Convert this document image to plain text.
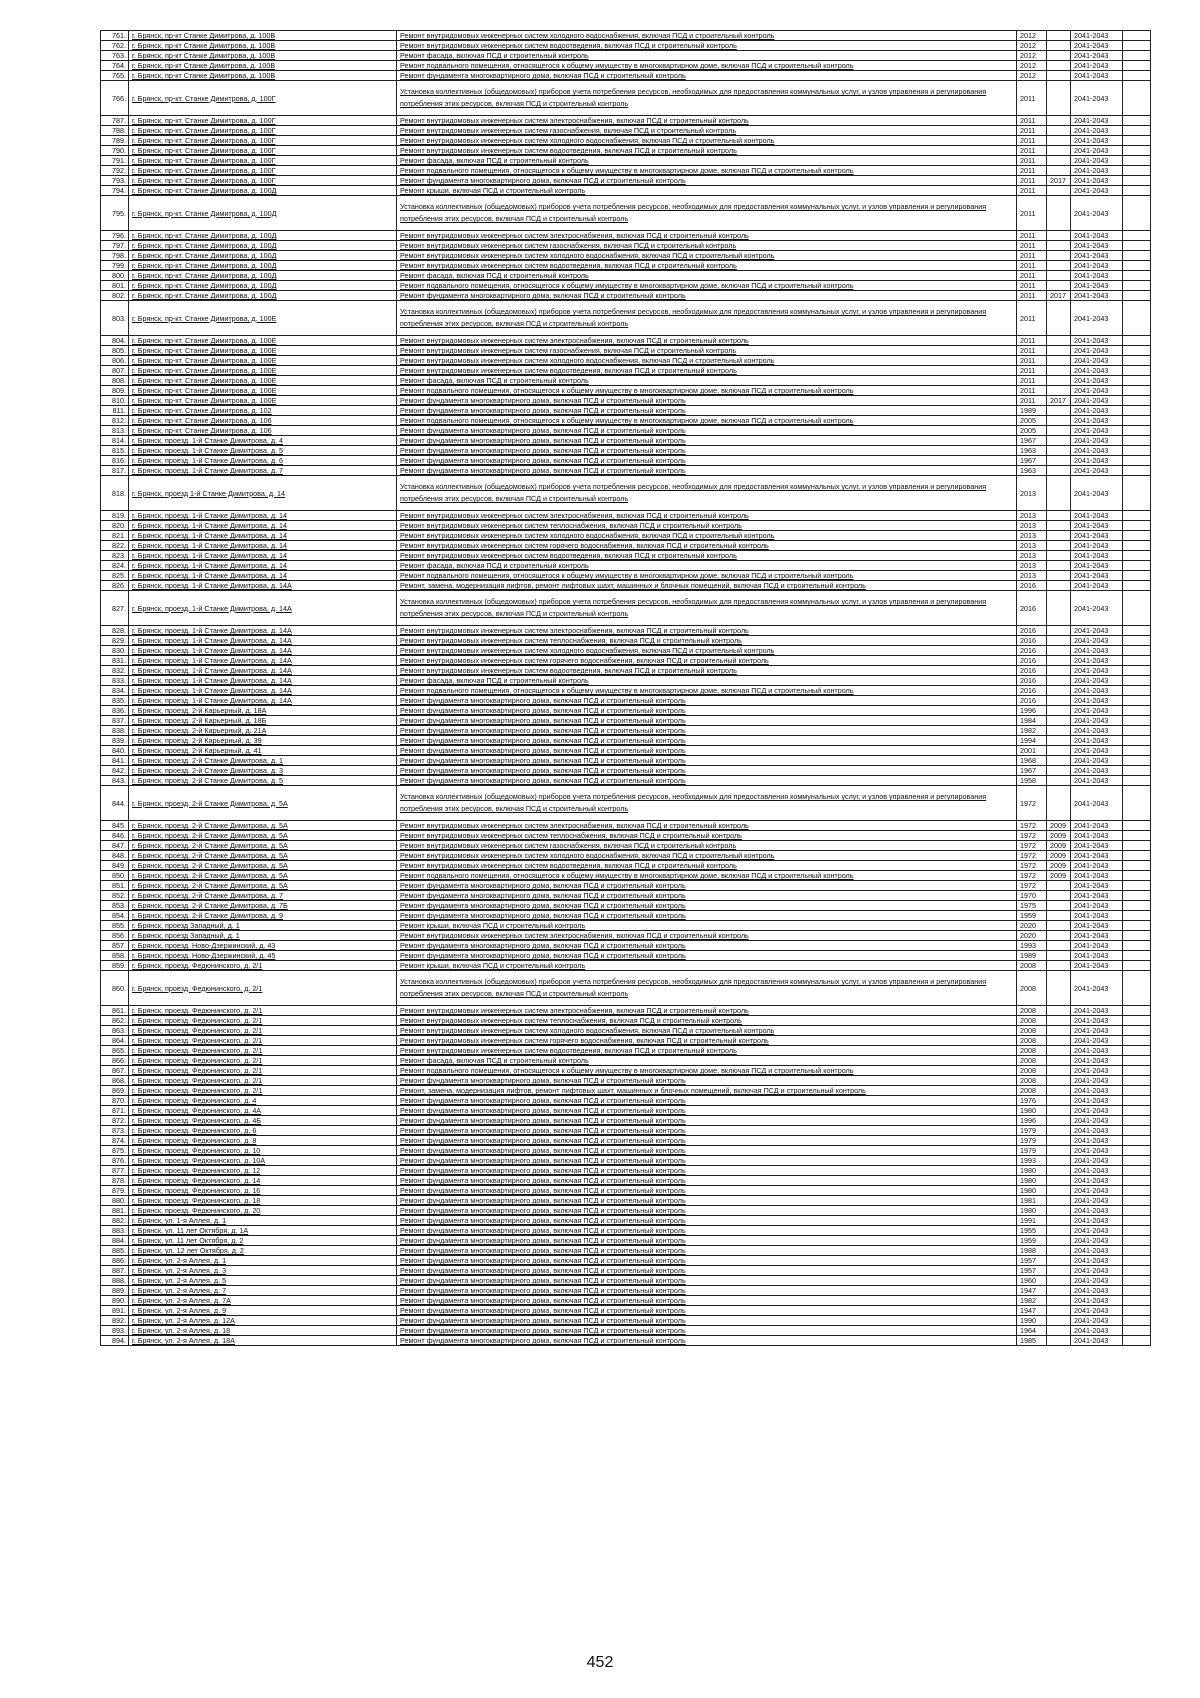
761.	г. Брянск, пр-кт Станке Димитрова, д. 100В	Ремонт внутридомовых инженерных систем холодного водоснабжения, включая ПСД и строительный контроль	2012		2041-2043	
762.	г. Брянск, пр-кт Станке Димитрова, д. 100В	Ремонт внутридомовых инженерных систем водоотведения, включая ПСД и строительный контроль	2012		2041-2043	
763.	г. Брянск, пр-кт Станке Димитрова, д. 100В	Ремонт фасада, включая ПСД и строительный контроль	2012		2041-2043	
764.	г. Брянск, пр-кт Станке Димитрова, д. 100В	Ремонт подвального помещения, относящегося к общему имуществу в многоквартирном доме, включая ПСД и строительный контроль	2012		2041-2043	
765.	г. Брянск, пр-кт Станке Димитрова, д. 100В	Ремонт фундамента многоквартирного дома, включая ПСД и строительный контроль	2012		2041-2043	
766.	г. Брянск, пр-кт. Станке Димитрова, д. 100Г	Установка коллективных (общедомовых) приборов учета потребления ресурсов, необходимых для предоставления коммунальных услуг, и узлов управления и регулирования потребления этих ресурсов, включая ПСД и строительный контроль	2011		2041-2043	
787.	г. Брянск, пр-кт. Станке Димитрова, д. 100Г	Ремонт внутридомовых инженерных систем электроснабжения, включая ПСД и строительный контроль	2011		2041-2043	
788.	г. Брянск, пр-кт. Станке Димитрова, д. 100Г	Ремонт внутридомовых инженерных систем газоснабжения, включая ПСД и строительный контроль	2011		2041-2043	
789.	г. Брянск, пр-кт. Станке Димитрова, д. 100Г	Ремонт внутридомовых инженерных систем холодного водоснабжения, включая ПСД и строительный контроль	2011		2041-2043	
790.	г. Брянск, пр-кт. Станке Димитрова, д. 100Г	Ремонт внутридомовых инженерных систем водоотведения, включая ПСД и строительный контроль	2011		2041-2043	
791.	г. Брянск, пр-кт. Станке Димитрова, д. 100Г	Ремонт фасада, включая ПСД и строительный контроль	2011		2041-2043	
792.	г. Брянск, пр-кт. Станке Димитрова, д. 100Г	Ремонт подвального помещения, относящегося к общему имуществу в многоквартирном доме, включая ПСД и строительный контроль	2011		2041-2043	
793.	г. Брянск, пр-кт. Станке Димитрова, д. 100Г	Ремонт фундамента многоквартирного дома, включая ПСД и строительный контроль	2011	2017	2041-2043	
794.	г. Брянск, пр-кт. Станке Димитрова, д. 100Д	Ремонт крыши, включая ПСД и строительный контроль	2011		2041-2043	
795.	г. Брянск, пр-кт. Станке Димитрова, д. 100Д	Установка коллективных (общедомовых) приборов учета потребления ресурсов, необходимых для предоставления коммунальных услуг, и узлов управления и регулирования потребления этих ресурсов, включая ПСД и строительный контроль	2011		2041-2043	
796.	г. Брянск, пр-кт. Станке Димитрова, д. 100Д	Ремонт внутридомовых инженерных систем электроснабжения, включая ПСД и строительный контроль	2011		2041-2043	
797.	г. Брянск, пр-кт. Станке Димитрова, д. 100Д	Ремонт внутридомовых инженерных систем газоснабжения, включая ПСД и строительный контроль	2011		2041-2043	
798.	г. Брянск, пр-кт. Станке Димитрова, д. 100Д	Ремонт внутридомовых инженерных систем холодного водоснабжения, включая ПСД и строительный контроль	2011		2041-2043	
799.	г. Брянск, пр-кт. Станке Димитрова, д. 100Д	Ремонт внутридомовых инженерных систем водоотведения, включая ПСД и строительный контроль	2011		2041-2043	
800.	г. Брянск, пр-кт. Станке Димитрова, д. 100Д	Ремонт фасада, включая ПСД и строительный контроль	2011		2041-2043	
801.	г. Брянск, пр-кт. Станке Димитрова, д. 100Д	Ремонт подвального помещения, относящегося к общему имуществу в многоквартирном доме, включая ПСД и строительный контроль	2011		2041-2043	
802.	г. Брянск, пр-кт. Станке Димитрова, д. 100Д	Ремонт фундамента многоквартирного дома, включая ПСД и строительный контроль	2011	2017	2041-2043	
803.	г. Брянск, пр-кт. Станке Димитрова, д. 100Е	Установка коллективных (общедомовых) приборов учета потребления ресурсов, необходимых для предоставления коммунальных услуг, и узлов управления и регулирования потребления этих ресурсов, включая ПСД и строительный контроль	2011		2041-2043	
804.	г. Брянск, пр-кт. Станке Димитрова, д. 100Е	Ремонт внутридомовых инженерных систем электроснабжения, включая ПСД и строительный контроль	2011		2041-2043	
805.	г. Брянск, пр-кт. Станке Димитрова, д. 100Е	Ремонт внутридомовых инженерных систем газоснабжения, включая ПСД и строительный контроль	2011		2041-2043	
806.	г. Брянск, пр-кт. Станке Димитрова, д. 100Е	Ремонт внутридомовых инженерных систем холодного водоснабжения, включая ПСД и строительный контроль	2011		2041-2043	
807.	г. Брянск, пр-кт. Станке Димитрова, д. 100Е	Ремонт внутридомовых инженерных систем водоотведения, включая ПСД и строительный контроль	2011		2041-2043	
808.	г. Брянск, пр-кт. Станке Димитрова, д. 100Е	Ремонт фасада, включая ПСД и строительный контроль	2011		2041-2043	
809.	г. Брянск, пр-кт. Станке Димитрова, д. 100Е	Ремонт подвального помещения, относящегося к общему имуществу в многоквартирном доме, включая ПСД и строительный контроль	2011		2041-2043	
810.	г. Брянск, пр-кт. Станке Димитрова, д. 100Е	Ремонт фундамента многоквартирного дома, включая ПСД и строительный контроль	2011	2017	2041-2043	
811.	г. Брянск, пр-кт. Станке Димитрова, д. 102	Ремонт фундамента многоквартирного дома, включая ПСД и строительный контроль	1989		2041-2043	
812.	г. Брянск, пр-кт. Станке Димитрова, д. 106	Ремонт подвального помещения, относящегося к общему имуществу в многоквартирном доме, включая ПСД и строительный контроль	2005		2041-2043	
813.	г. Брянск, пр-кт. Станке Димитрова, д. 106	Ремонт фундамента многоквартирного дома, включая ПСД и строительный контроль	2005		2041-2043	
814.	г. Брянск, проезд. 1-й Станке Димитрова, д. 4	Ремонт фундамента многоквартирного дома, включая ПСД и строительный контроль	1967		2041-2043	
815.	г. Брянск, проезд. 1-й Станке Димитрова, д. 5	Ремонт фундамента многоквартирного дома, включая ПСД и строительный контроль	1963		2041-2043	
816.	г. Брянск, проезд. 1-й Станке Димитрова, д. 6	Ремонт фундамента многоквартирного дома, включая ПСД и строительный контроль	1967		2041-2043	
817.	г. Брянск, проезд. 1-й Станке Димитрова, д. 7	Ремонт фундамента многоквартирного дома, включая ПСД и строительный контроль	1963		2041-2043	
818.	г. Брянск, проезд 1-й Станке Димитрова, д. 14	Установка коллективных (общедомовых) приборов учета потребления ресурсов, необходимых для предоставления коммунальных услуг, и узлов управления и регулирования потребления этих ресурсов, включая ПСД и строительный контроль	2013		2041-2043	
819.	г. Брянск, проезд. 1-й Станке Димитрова, д. 14	Ремонт внутридомовых инженерных систем электроснабжения, включая ПСД и строительный контроль	2013		2041-2043	
820.	г. Брянск, проезд. 1-й Станке Димитрова, д. 14	Ремонт внутридомовых инженерных систем теплоснабжения, включая ПСД и строительный контроль	2013		2041-2043	
821.	г. Брянск, проезд. 1-й Станке Димитрова, д. 14	Ремонт внутридомовых инженерных систем холодного водоснабжения, включая ПСД и строительный контроль	2013		2041-2043	
822.	г. Брянск, проезд. 1-й Станке Димитрова, д. 14	Ремонт внутридомовых инженерных систем горячего водоснабжения, включая ПСД и строительный контроль	2013		2041-2043	
823.	г. Брянск, проезд. 1-й Станке Димитрова, д. 14	Ремонт внутридомовых инженерных систем водоотведения, включая ПСД и строительный контроль	2013		2041-2043	
824.	г. Брянск, проезд. 1-й Станке Димитрова, д. 14	Ремонт фасада, включая ПСД и строительный контроль	2013		2041-2043	
825.	г. Брянск, проезд. 1-й Станке Димитрова, д. 14	Ремонт подвального помещения, относящегося к общему имуществу в многоквартирном доме, включая ПСД и строительный контроль	2013		2041-2043	
826.	г. Брянск, проезд. 1-й Станке Димитрова, д. 14А	Ремонт, замена, модернизация лифтов, ремонт лифтовых шахт, машинных и блочных помещений, включая ПСД и строительный контроль	2016		2041-2043	
827.	г. Брянск, проезд. 1-й Станке Димитрова, д. 14А	Установка коллективных (общедомовых) приборов учета потребления ресурсов, необходимых для предоставления коммунальных услуг, и узлов управления и регулирования потребления этих ресурсов, включая ПСД и строительный контроль	2016		2041-2043	
828.	г. Брянск, проезд. 1-й Станке Димитрова, д. 14А	Ремонт внутридомовых инженерных систем электроснабжения, включая ПСД и строительный контроль	2016		2041-2043	
829.	г. Брянск, проезд. 1-й Станке Димитрова, д. 14А	Ремонт внутридомовых инженерных систем теплоснабжения, включая ПСД и строительный контроль	2016		2041-2043	
830.	г. Брянск, проезд. 1-й Станке Димитрова, д. 14А	Ремонт внутридомовых инженерных систем холодного водоснабжения, включая ПСД и строительный контроль	2016		2041-2043	
831.	г. Брянск, проезд. 1-й Станке Димитрова, д. 14А	Ремонт внутридомовых инженерных систем горячего водоснабжения, включая ПСД и строительный контроль	2016		2041-2043	
832.	г. Брянск, проезд. 1-й Станке Димитрова, д. 14А	Ремонт внутридомовых инженерных систем водоотведения, включая ПСД и строительный контроль	2016		2041-2043	
833.	г. Брянск, проезд. 1-й Станке Димитрова, д. 14А	Ремонт фасада, включая ПСД и строительный контроль	2016		2041-2043	
834.	г. Брянск, проезд. 1-й Станке Димитрова, д. 14А	Ремонт подвального помещения, относящегося к общему имуществу в многоквартирном доме, включая ПСД и строительный контроль	2016		2041-2043	
835.	г. Брянск, проезд. 1-й Станке Димитрова, д. 14А	Ремонт фундамента многоквартирного дома, включая ПСД и строительный контроль	2016		2041-2043	
836.	г. Брянск, проезд. 2-й Карьерный, д. 18А	Ремонт фундамента многоквартирного дома, включая ПСД и строительный контроль	1996		2041-2043	
837.	г. Брянск, проезд. 2-й Карьерный, д. 18Б	Ремонт фундамента многоквартирного дома, включая ПСД и строительный контроль	1984		2041-2043	
838.	г. Брянск, проезд. 2-й Карьерный, д. 21А	Ремонт фундамента многоквартирного дома, включая ПСД и строительный контроль	1982		2041-2043	
839.	г. Брянск, проезд. 2-й Карьерный, д. 39	Ремонт фундамента многоквартирного дома, включая ПСД и строительный контроль	1994		2041-2043	
840.	г. Брянск, проезд. 2-й Карьерный, д. 41	Ремонт фундамента многоквартирного дома, включая ПСД и строительный контроль	2001		2041-2043	
841.	г. Брянск, проезд. 2-й Станке Димитрова, д. 1	Ремонт фундамента многоквартирного дома, включая ПСД и строительный контроль	1968		2041-2043	
842.	г. Брянск, проезд. 2-й Станке Димитрова, д. 3	Ремонт фундамента многоквартирного дома, включая ПСД и строительный контроль	1967		2041-2043	
843.	г. Брянск, проезд. 2-й Станке Димитрова, д. 5	Ремонт фундамента многоквартирного дома, включая ПСД и строительный контроль	1958		2041-2043	
844.	г. Брянск, проезд. 2-й Станке Димитрова, д. 5А	Установка коллективных (общедомовых) приборов учета потребления ресурсов, необходимых для предоставления коммунальных услуг, и узлов управления и регулирования потребления этих ресурсов, включая ПСД и строительный контроль	1972		2041-2043	
845.	г. Брянск, проезд. 2-й Станке Димитрова, д. 5А	Ремонт внутридомовых инженерных систем электроснабжения, включая ПСД и строительный контроль	1972	2009	2041-2043	
846.	г. Брянск, проезд. 2-й Станке Димитрова, д. 5А	Ремонт внутридомовых инженерных систем теплоснабжения, включая ПСД и строительный контроль	1972	2009	2041-2043	
847.	г. Брянск, проезд. 2-й Станке Димитрова, д. 5А	Ремонт внутридомовых инженерных систем газоснабжения, включая ПСД и строительный контроль	1972	2009	2041-2043	
848.	г. Брянск, проезд. 2-й Станке Димитрова, д. 5А	Ремонт внутридомовых инженерных систем холодного водоснабжения, включая ПСД и строительный контроль	1972	2009	2041-2043	
849.	г. Брянск, проезд. 2-й Станке Димитрова, д. 5А	Ремонт внутридомовых инженерных систем водоотведения, включая ПСД и строительный контроль	1972	2009	2041-2043	
850.	г. Брянск, проезд. 2-й Станке Димитрова, д. 5А	Ремонт подвального помещения, относящегося к общему имуществу в многоквартирном доме, включая ПСД и строительный контроль	1972	2009	2041-2043	
851.	г. Брянск, проезд. 2-й Станке Димитрова, д. 5А	Ремонт фундамента многоквартирного дома, включая ПСД и строительный контроль	1972		2041-2043	
852.	г. Брянск, проезд. 2-й Станке Димитрова, д. 7	Ремонт фундамента многоквартирного дома, включая ПСД и строительный контроль	1970		2041-2043	
853.	г. Брянск, проезд. 2-й Станке Димитрова, д. 7Б	Ремонт фундамента многоквартирного дома, включая ПСД и строительный контроль	1975		2041-2043	
854.	г. Брянск, проезд. 2-й Станке Димитрова, д. 9	Ремонт фундамента многоквартирного дома, включая ПСД и строительный контроль	1959		2041-2043	
855.	г. Брянск, проезд Западный, д. 1	Ремонт крыши, включая ПСД и строительный контроль	2020		2041-2043	
856.	г. Брянск, проезд Западный, д. 1	Ремонт внутридомовых инженерных систем электроснабжения, включая ПСД и строительный контроль	2020		2041-2043	
857.	г. Брянск, проезд. Ново-Дзержинский, д. 43	Ремонт фундамента многоквартирного дома, включая ПСД и строительный контроль	1993		2041-2043	
858.	г. Брянск, проезд. Ново-Дзержинский, д. 45	Ремонт фундамента многоквартирного дома, включая ПСД и строительный контроль	1989		2041-2043	
859.	г. Брянск, проезд. Федюнинского, д. 2/1	Ремонт крыши, включая ПСД и строительный контроль	2008		2041-2043	
860.	г. Брянск, проезд. Федюнинского, д. 2/1	Установка коллективных (общедомовых) приборов учета потребления ресурсов, необходимых для предоставления коммунальных услуг, и узлов управления и регулирования потребления этих ресурсов, включая ПСД и строительный контроль	2008		2041-2043	
861.	г. Брянск, проезд. Федюнинского, д. 2/1	Ремонт внутридомовых инженерных систем электроснабжения, включая ПСД и строительный контроль	2008		2041-2043	
862.	г. Брянск, проезд. Федюнинского, д. 2/1	Ремонт внутридомовых инженерных систем теплоснабжения, включая ПСД и строительный контроль	2008		2041-2043	
863.	г. Брянск, проезд. Федюнинского, д. 2/1	Ремонт внутридомовых инженерных систем холодного водоснабжения, включая ПСД и строительный контроль	2008		2041-2043	
864.	г. Брянск, проезд. Федюнинского, д. 2/1	Ремонт внутридомовых инженерных систем горячего водоснабжения, включая ПСД и строительный контроль	2008		2041-2043	
865.	г. Брянск, проезд. Федюнинского, д. 2/1	Ремонт внутридомовых инженерных систем водоотведения, включая ПСД и строительный контроль	2008		2041-2043	
866.	г. Брянск, проезд. Федюнинского, д. 2/1	Ремонт фасада, включая ПСД и строительный контроль	2008		2041-2043	
867.	г. Брянск, проезд. Федюнинского, д. 2/1	Ремонт подвального помещения, относящегося к общему имуществу в многоквартирном доме, включая ПСД и строительный контроль	2008		2041-2043	
868.	г. Брянск, проезд. Федюнинского, д. 2/1	Ремонт фундамента многоквартирного дома, включая ПСД и строительный контроль	2008		2041-2043	
869.	г. Брянск, проезд. Федюнинского, д. 2/1	Ремонт, замена, модернизация лифтов, ремонт лифтовых шахт, машинных и блочных помещений, включая ПСД и строительный контроль	2008		2041-2043	
870.	г. Брянск, проезд. Федюнинского, д. 4	Ремонт фундамента многоквартирного дома, включая ПСД и строительный контроль	1976		2041-2043	
871.	г. Брянск, проезд. Федюнинского, д. 4А	Ремонт фундамента многоквартирного дома, включая ПСД и строительный контроль	1980		2041-2043	
872.	г. Брянск, проезд. Федюнинского, д. 4Б	Ремонт фундамента многоквартирного дома, включая ПСД и строительный контроль	1996		2041-2043	
873.	г. Брянск, проезд. Федюнинского, д. 6	Ремонт фундамента многоквартирного дома, включая ПСД и строительный контроль	1979		2041-2043	
874.	г. Брянск, проезд. Федюнинского, д. 8	Ремонт фундамента многоквартирного дома, включая ПСД и строительный контроль	1979		2041-2043	
875.	г. Брянск, проезд. Федюнинского, д. 10	Ремонт фундамента многоквартирного дома, включая ПСД и строительный контроль	1979		2041-2043	
876.	г. Брянск, проезд. Федюнинского, д. 10А	Ремонт фундамента многоквартирного дома, включая ПСД и строительный контроль	1993		2041-2043	
877.	г. Брянск, проезд. Федюнинского, д. 12	Ремонт фундамента многоквартирного дома, включая ПСД и строительный контроль	1980		2041-2043	
878.	г. Брянск, проезд. Федюнинского, д. 14	Ремонт фундамента многоквартирного дома, включая ПСД и строительный контроль	1980		2041-2043	
879.	г. Брянск, проезд. Федюнинского, д. 16	Ремонт фундамента многоквартирного дома, включая ПСД и строительный контроль	1980		2041-2043	
880.	г. Брянск, проезд. Федюнинского, д. 18	Ремонт фундамента многоквартирного дома, включая ПСД и строительный контроль	1981		2041-2043	
881.	г. Брянск, проезд. Федюнинского, д. 20	Ремонт фундамента многоквартирного дома, включая ПСД и строительный контроль	1980		2041-2043	
882.	г. Брянск, ул. 1-я Аллея, д. 1	Ремонт фундамента многоквартирного дома, включая ПСД и строительный контроль	1991		2041-2043	
883.	г. Брянск, ул. 11 лет Октября, д. 1А	Ремонт фундамента многоквартирного дома, включая ПСД и строительный контроль	1955		2041-2043	
884.	г. Брянск, ул. 11 лет Октября, д. 2	Ремонт фундамента многоквартирного дома, включая ПСД и строительный контроль	1959		2041-2043	
885.	г. Брянск, ул. 12 лет Октября, д. 2	Ремонт фундамента многоквартирного дома, включая ПСД и строительный контроль	1988		2041-2043	
886.	г. Брянск, ул. 2-я Аллея, д. 1	Ремонт фундамента многоквартирного дома, включая ПСД и строительный контроль	1957		2041-2043	
887.	г. Брянск, ул. 2-я Аллея, д. 3	Ремонт фундамента многоквартирного дома, включая ПСД и строительный контроль	1957		2041-2043	
888.	г. Брянск, ул. 2-я Аллея, д. 5	Ремонт фундамента многоквартирного дома, включая ПСД и строительный контроль	1960		2041-2043	
889.	г. Брянск, ул. 2-я Аллея, д. 7	Ремонт фундамента многоквартирного дома, включая ПСД и строительный контроль	1947		2041-2043	
890.	г. Брянск, ул. 2-я Аллея, д. 7А	Ремонт фундамента многоквартирного дома, включая ПСД и строительный контроль	1982		2041-2043	
891.	г. Брянск, ул. 2-я Аллея, д. 9	Ремонт фундамента многоквартирного дома, включая ПСД и строительный контроль	1947		2041-2043	
892.	г. Брянск, ул. 2-я Аллея, д. 12А	Ремонт фундамента многоквартирного дома, включая ПСД и строительный контроль	1990		2041-2043	
893.	г. Брянск, ул. 2-я Аллея, д. 18	Ремонт фундамента многоквартирного дома, включая ПСД и строительный контроль	1964		2041-2043	
894.	г. Брянск, ул. 2-я Аллея, д. 18А	Ремонт фундамента многоквартирного дома, включая ПСД и строительный контроль	1985		2041-2043	
452
